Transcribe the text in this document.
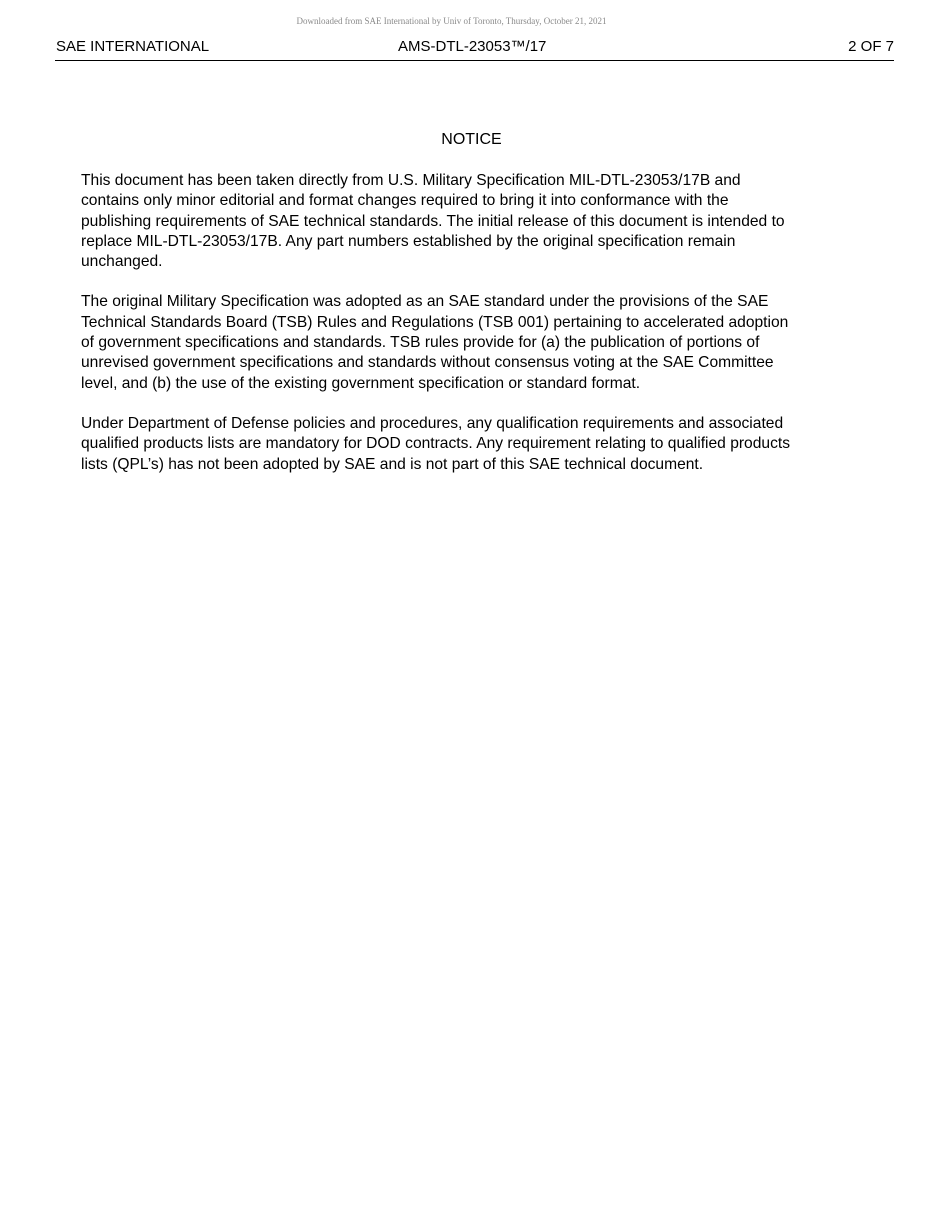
Downloaded from SAE International by Univ of Toronto, Thursday, October 21, 2021
SAE INTERNATIONAL	AMS-DTL-23053™/17	2 OF 7
NOTICE

This document has been taken directly from U.S. Military Specification MIL-DTL-23053/17B and
contains only minor editorial and format changes required to bring it into conformance with the
publishing requirements of SAE technical standards. The initial release of this document is intended to
replace MIL-DTL-23053/17B. Any part numbers established by the original specification remain
unchanged.

The original Military Specification was adopted as an SAE standard under the provisions of the SAE
Technical Standards Board (TSB) Rules and Regulations (TSB 001) pertaining to accelerated adoption
of government specifications and standards. TSB rules provide for (a) the publication of portions of
unrevised government specifications and standards without consensus voting at the SAE Committee
level, and (b) the use of the existing government specification or standard format.

Under Department of Defense policies and procedures, any qualification requirements and associated
qualified products lists are mandatory for DOD contracts. Any requirement relating to qualified products
lists (QPL’s) has not been adopted by SAE and is not part of this SAE technical document.
